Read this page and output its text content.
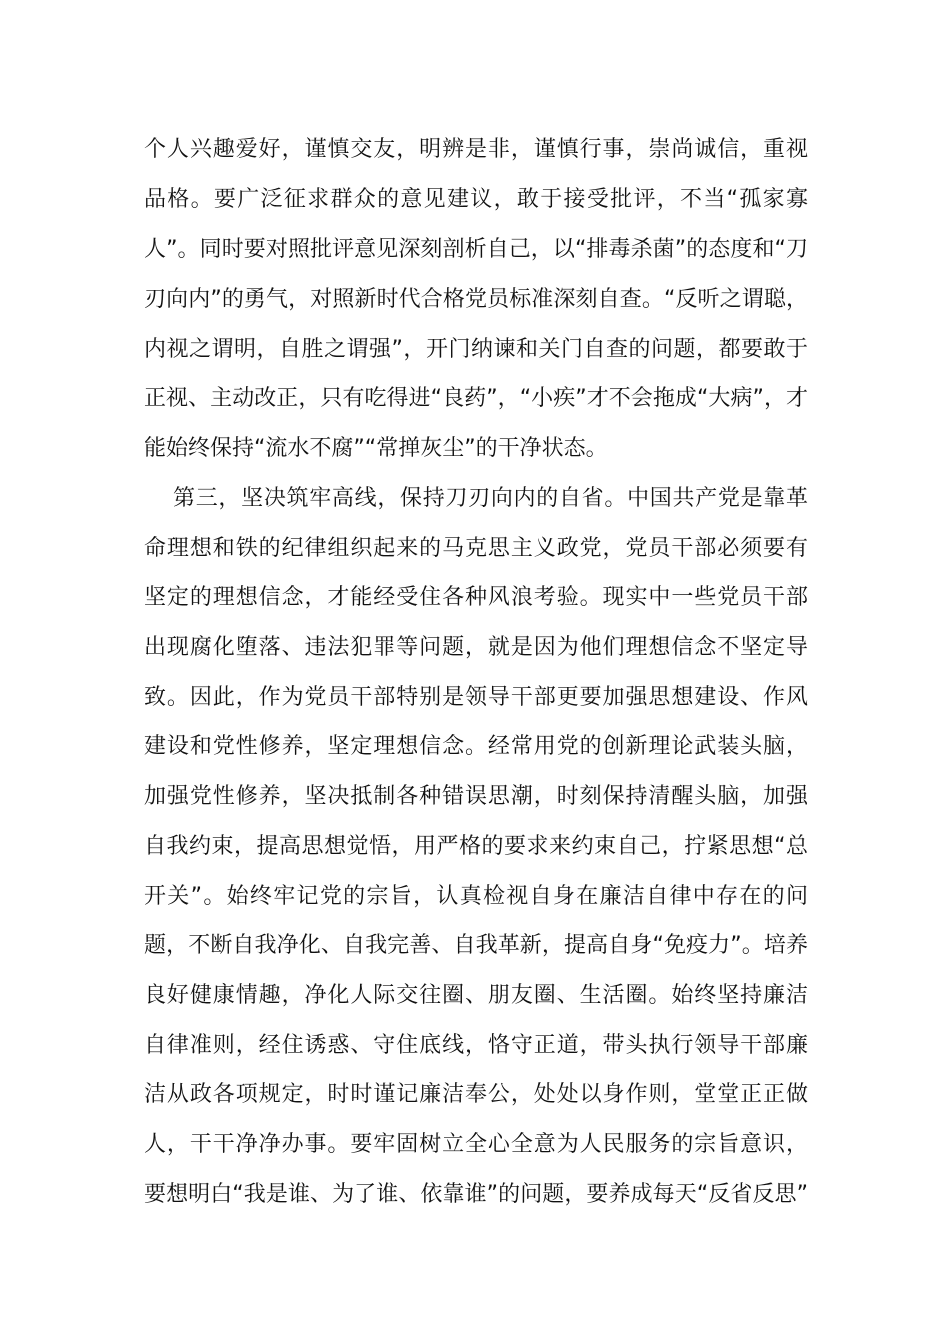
个人兴趣爱好，谨慎交友，明辨是非，谨慎行事，崇尚诚信，重视
品格。要广泛征求群众的意见建议，敢于接受批评，不当“孤家寡
人”。同时要对照批评意见深刻剖析自己，以“排毒杀菌”的态度和“刀
刃向内”的勇气，对照新时代合格党员标准深刻自查。“反听之谓聪，
内视之谓明，自胜之谓强”，开门纳谏和关门自查的问题，都要敢于
正视、主动改正，只有吃得进“良药”，“小疾”才不会拖成“大病”，才
能始终保持“流水不腐”“常掸灰尘”的干净状态。
第三，坚决筑牢高线，保持刀刃向内的自省。中国共产党是靠革
命理想和铁的纪律组织起来的马克思主义政党，党员干部必须要有
坚定的理想信念，才能经受住各种风浪考验。现实中一些党员干部
出现腐化堕落、违法犯罪等问题，就是因为他们理想信念不坚定导
致。因此，作为党员干部特别是领导干部更要加强思想建设、作风
建设和党性修养，坚定理想信念。经常用党的创新理论武装头脑，
加强党性修养，坚决抵制各种错误思潮，时刻保持清醒头脑，加强
自我约束，提高思想觉悟，用严格的要求来约束自己，拧紧思想“总
开关”。始终牢记党的宗旨，认真检视自身在廉洁自律中存在的问
题，不断自我净化、自我完善、自我革新，提高自身“免疫力”。培养
良好健康情趣，净化人际交往圈、朋友圈、生活圈。始终坚持廉洁
自律准则，经住诱惑、守住底线，恪守正道，带头执行领导干部廉
洁从政各项规定，时时谨记廉洁奉公，处处以身作则，堂堂正正做
人，干干净净办事。要牢固树立全心全意为人民服务的宗旨意识，
要想明白“我是谁、为了谁、依靠谁”的问题，要养成每天“反省反思”
